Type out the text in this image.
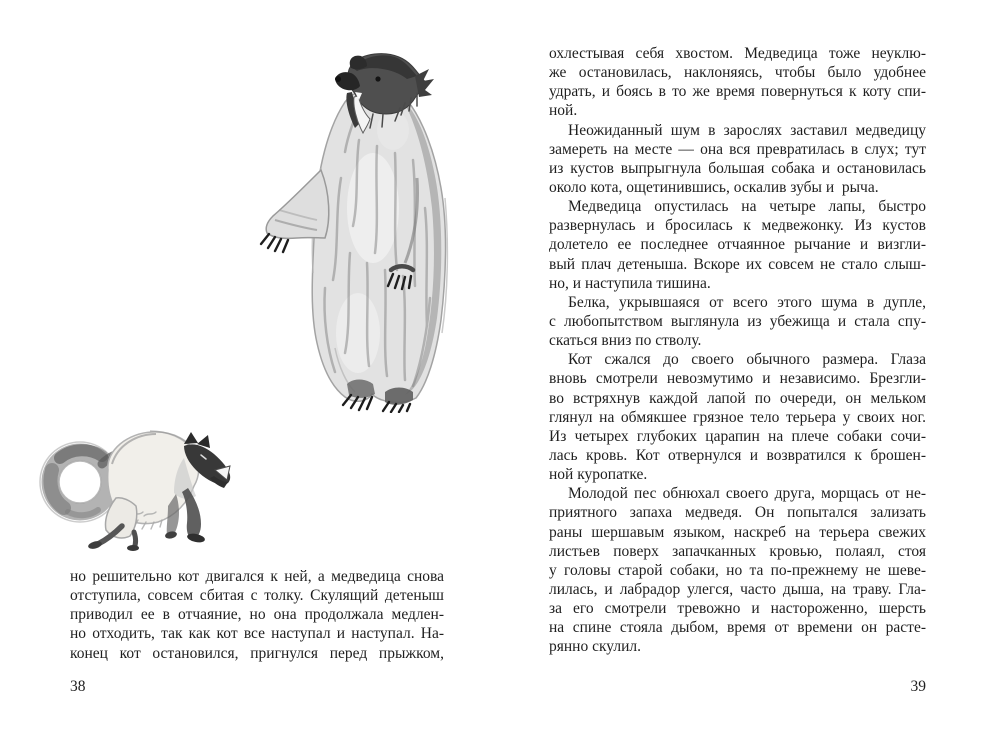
но решительно кот двигался к ней, а медведица снова
отступила, совсем сбитая с толку. Скулящий детеныш
приводил ее в отчаяние, но она продолжала медлен-
но отходить, так как кот все наступал и наступал. На-
конец кот остановился, пригнулся перед прыжком,
38
охлестывая себя хвостом. Медведица тоже неуклю-
же остановилась, наклоняясь, чтобы было удобнее
удрать, и боясь в то же время повернуться к коту спи-
ной.
Неожиданный шум в зарослях заставил медведицу
замереть на месте — она вся превратилась в слух; тут
из кустов выпрыгнула большая собака и остановилась
около кота, ощетинившись, оскалив зубы и  рыча.
Медведица опустилась на четыре лапы, быстро
развернулась и бросилась к медвежонку. Из кустов
долетело ее последнее отчаянное рычание и визгли-
вый плач детеныша. Вскоре их совсем не стало слыш-
но, и наступила тишина.
Белка, укрывшаяся от всего этого шума в дупле,
с любопытством выглянула из убежища и стала спу-
скаться вниз по стволу.
Кот сжался до своего обычного размера. Глаза
вновь смотрели невозмутимо и независимо. Брезгли-
во встряхнув каждой лапой по очереди, он мельком
глянул на обмякшее грязное тело терьера у своих ног.
Из четырех глубоких царапин на плече собаки сочи-
лась кровь. Кот отвернулся и возвратился к брошен-
ной куропатке.
Молодой пес обнюхал своего друга, морщась от не-
приятного запаха медведя. Он попытался зализать
раны шершавым языком, наскреб на терьера свежих
листьев поверх запачканных кровью, полаял, стоя
у головы старой собаки, но та по-прежнему не шеве-
лилась, и лабрадор улегся, часто дыша, на траву. Гла-
за его смотрели тревожно и настороженно, шерсть
на спине стояла дыбом, время от времени он расте-
рянно скулил.
39
